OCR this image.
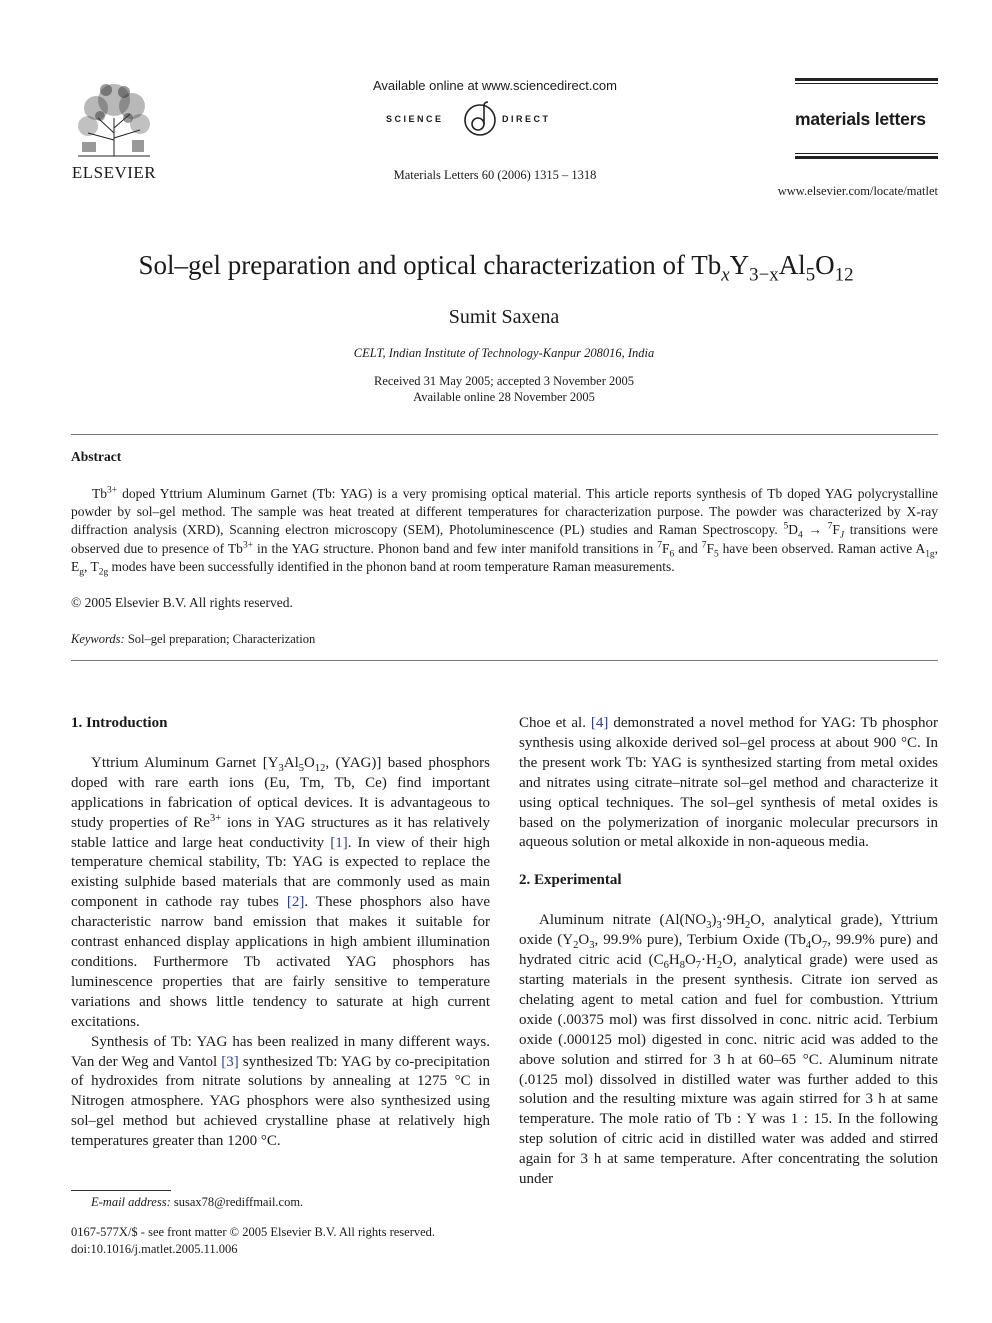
ELSEVIER
Available online at www.sciencedirect.com
SCIENCE	DIRECT
Materials Letters 60 (2006) 1315 – 1318
materials letters
www.elsevier.com/locate/matlet
Sol–gel preparation and optical characterization of $Tb_xY_{3-x}Al_5O_{12}$
Sumit Saxena
CELT, Indian Institute of Technology-Kanpur 208016, India
Received 31 May 2005; accepted 3 November 2005
Available online 28 November 2005
Abstract

$Tb^{3+}$ doped Yttrium Aluminum Garnet (Tb: YAG) is a very promising optical material. This article reports synthesis of Tb doped YAG polycrystalline powder by sol–gel method. The sample was heat treated at different temperatures for characterization purpose. The powder was characterized by X-ray diffraction analysis (XRD), Scanning electron microscopy (SEM), Photoluminescence (PL) studies and Raman Spectroscopy. $^5D_4 \to ^7F_J$ transitions were observed due to presence of $Tb^{3+}$ in the YAG structure. Phonon band and few inter manifold transitions in $^7F_6$ and $^7F_5$ have been observed. Raman active $A_{1g}$, $E_g$, $T_{2g}$ modes have been successfully identified in the phonon band at room temperature Raman measurements.

© 2005 Elsevier B.V. All rights reserved.
Keywords: Sol–gel preparation; Characterization
1. Introduction

Yttrium Aluminum Garnet [$Y_3Al_5O_{12}$, (YAG)] based phosphors doped with rare earth ions (Eu, Tm, Tb, Ce) find important applications in fabrication of optical devices. It is advantageous to study properties of $Re^{3+}$ ions in YAG structures as it has relatively stable lattice and large heat conductivity [1]. In view of their high temperature chemical stability, Tb: YAG is expected to replace the existing sulphide based materials that are commonly used as main component in cathode ray tubes [2]. These phosphors also have characteristic narrow band emission that makes it suitable for contrast enhanced display applications in high ambient illumination conditions. Furthermore Tb activated YAG phosphors has luminescence properties that are fairly sensitive to temperature variations and shows little tendency to saturate at high current excitations.

Synthesis of Tb: YAG has been realized in many different ways. Van der Weg and Vantol [3] synthesized Tb: YAG by co-precipitation of hydroxides from nitrate solutions by annealing at 1275 °C in Nitrogen atmosphere. YAG phosphors were also synthesized using sol–gel method but achieved crystalline phase at relatively high temperatures greater than 1200 °C.

Choe et al. [4] demonstrated a novel method for YAG: Tb phosphor synthesis using alkoxide derived sol–gel process at about 900 °C. In the present work Tb: YAG is synthesized starting from metal oxides and nitrates using citrate–nitrate sol–gel method and characterize it using optical techniques. The sol–gel synthesis of metal oxides is based on the polymerization of inorganic molecular precursors in aqueous solution or metal alkoxide in non-aqueous media.

2. Experimental

Aluminum nitrate ($Al(NO_3)_3\cdot 9H_2O$, analytical grade), Yttrium oxide ($Y_2O_3$, 99.9% pure), Terbium Oxide ($Tb_4O_7$, 99.9% pure) and hydrated citric acid ($C_6H_8O_7\cdot H_2O$, analytical grade) were used as starting materials in the present synthesis. Citrate ion served as chelating agent to metal cation and fuel for combustion. Yttrium oxide (.00375 mol) was first dissolved in conc. nitric acid. Terbium oxide (.000125 mol) digested in conc. nitric acid was added to the above solution and stirred for 3 h at 60–65 °C. Aluminum nitrate (.0125 mol) dissolved in distilled water was further added to this solution and the resulting mixture was again stirred for 3 h at same temperature. The mole ratio of Tb : Y was 1 : 15. In the following step solution of citric acid in distilled water was added and stirred again for 3 h at same temperature. After concentrating the solution under

E-mail address: susax78@rediffmail.com.
0167-577X/$ - see front matter © 2005 Elsevier B.V. All rights reserved.
doi:10.1016/j.matlet.2005.11.006
